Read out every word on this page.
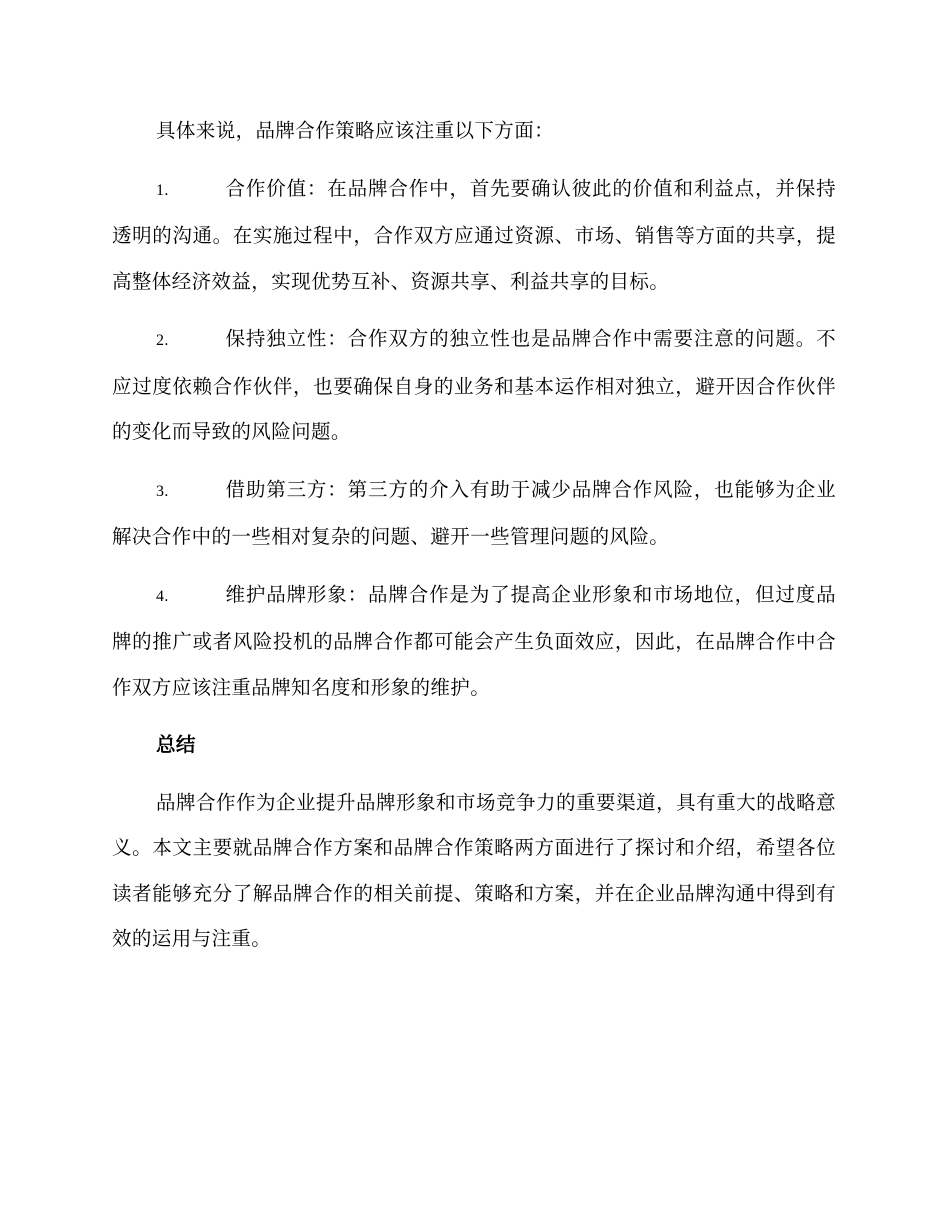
具体来说，品牌合作策略应该注重以下方面：

1.	合作价值：在品牌合作中，首先要确认彼此的价值和利益点，并保持透明的沟通。在实施过程中，合作双方应通过资源、市场、销售等方面的共享，提高整体经济效益，实现优势互补、资源共享、利益共享的目标。

2.	保持独立性：合作双方的独立性也是品牌合作中需要注意的问题。不应过度依赖合作伙伴，也要确保自身的业务和基本运作相对独立，避开因合作伙伴的变化而导致的风险问题。

3.	借助第三方：第三方的介入有助于减少品牌合作风险，也能够为企业解决合作中的一些相对复杂的问题、避开一些管理问题的风险。

4.	维护品牌形象：品牌合作是为了提高企业形象和市场地位，但过度品牌的推广或者风险投机的品牌合作都可能会产生负面效应，因此，在品牌合作中合作双方应该注重品牌知名度和形象的维护。

总结

品牌合作作为企业提升品牌形象和市场竞争力的重要渠道，具有重大的战略意义。本文主要就品牌合作方案和品牌合作策略两方面进行了探讨和介绍，希望各位读者能够充分了解品牌合作的相关前提、策略和方案，并在企业品牌沟通中得到有效的运用与注重。
